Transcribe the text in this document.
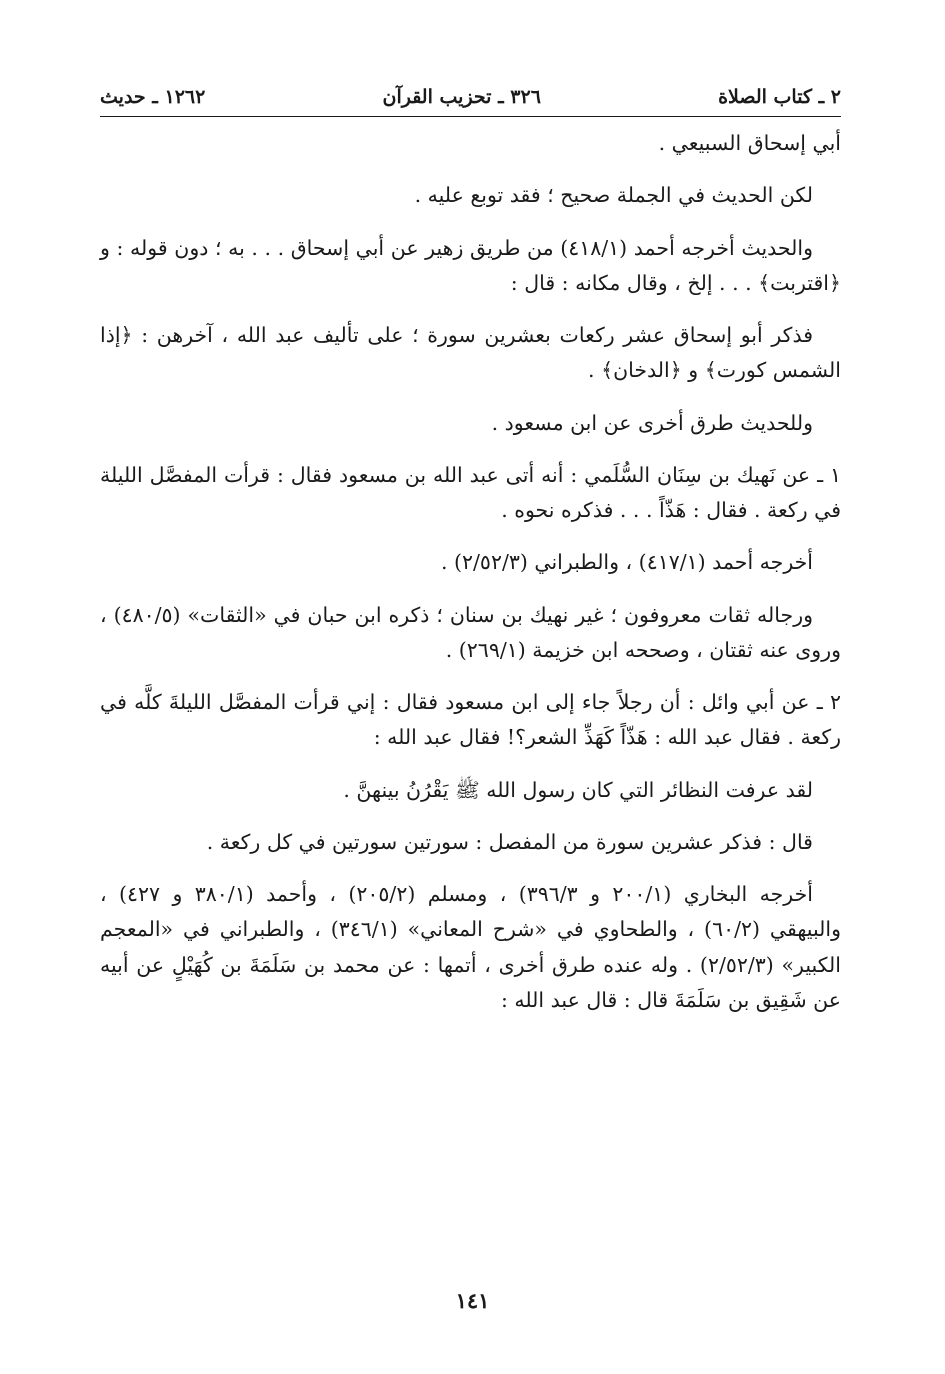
٢ ـ كتاب الصلاة
٣٢٦ ـ تحزيب القرآن
١٢٦٢ ـ حديث

أبي إسحاق السبيعي .

لكن الحديث في الجملة صحيح ؛ فقد توبع عليه .

والحديث أخرجه أحمد (٤١٨/١) من طريق زهير عن أبي إسحاق . . . به ؛ دون قوله : و ﴿اقتربت﴾ . . . إلخ ، وقال مكانه : قال :

فذكر أبو إسحاق عشر ركعات بعشرين سورة ؛ على تأليف عبد الله ، آخرهن : ﴿إذا الشمس كورت﴾ و ﴿الدخان﴾ .

وللحديث طرق أخرى عن ابن مسعود .

١ ـ عن نَهيك بن سِنَان السُّلَمي : أنه أتى عبد الله بن مسعود فقال : قرأت المفصَّل الليلة في ركعة . فقال : هَذّاً . . . فذكره نحوه .

أخرجه أحمد (٤١٧/١) ، والطبراني (٢/٥٢/٣) .

ورجاله ثقات معروفون ؛ غير نهيك بن سنان ؛ ذكره ابن حبان في «الثقات» (٤٨٠/٥) ، وروى عنه ثقتان ، وصححه ابن خزيمة (٢٦٩/١) .

٢ ـ عن أبي وائل : أن رجلاً جاء إلى ابن مسعود فقال : إني قرأت المفصَّل الليلةَ كلَّه في ركعة . فقال عبد الله : هَذّاً كَهَذِّ الشعر؟! فقال عبد الله :

لقد عرفت النظائر التي كان رسول الله ﷺ يَقْرُنُ بينهنَّ .

قال : فذكر عشرين سورة من المفصل : سورتين سورتين في كل ركعة .

أخرجه البخاري (٢٠٠/١ و ٣٩٦/٣) ، ومسلم (٢٠٥/٢) ، وأحمد (٣٨٠/١ و ٤٢٧) ، والبيهقي (٦٠/٢) ، والطحاوي في «شرح المعاني» (٣٤٦/١) ، والطبراني في «المعجم الكبير» (٢/٥٢/٣) . وله عنده طرق أخرى ، أتمها : عن محمد بن سَلَمَةَ بن كُهَيْلٍ عن أبيه عن شَقِيق بن سَلَمَةَ قال : قال عبد الله :

١٤١
